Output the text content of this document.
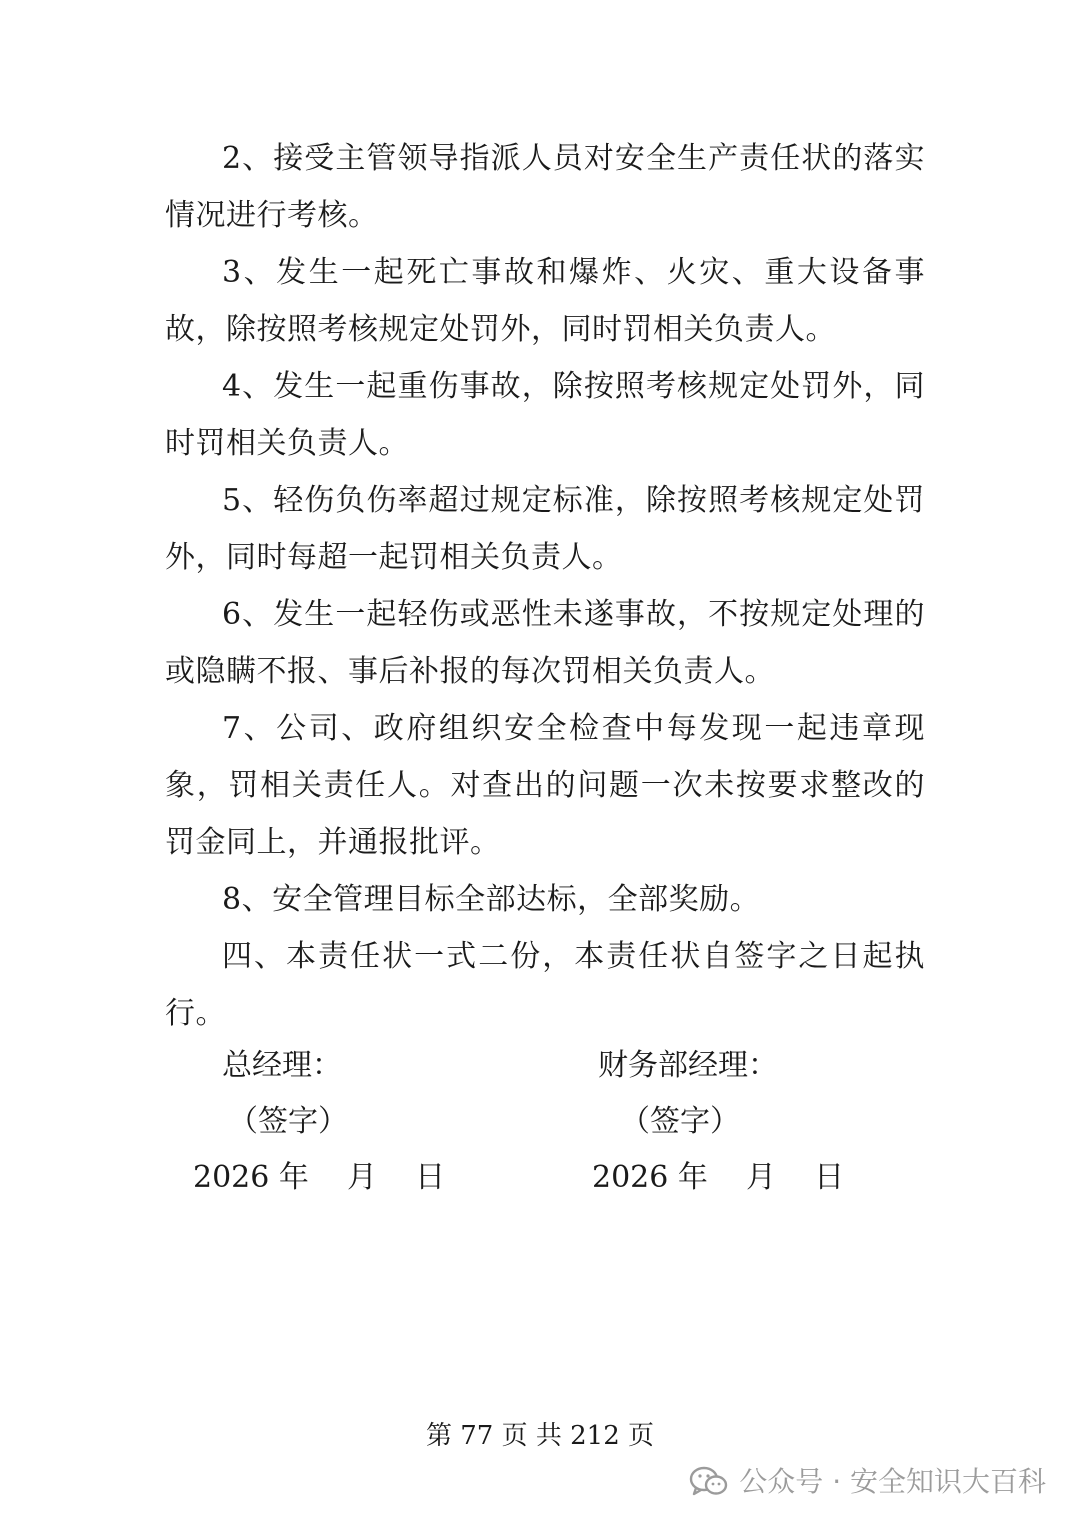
2、接受主管领导指派人员对安全生产责任状的落实情况进行考核。

3、发生一起死亡事故和爆炸、火灾、重大设备事故，除按照考核规定处罚外，同时罚相关负责人。

4、发生一起重伤事故，除按照考核规定处罚外，同时罚相关负责人。

5、轻伤负伤率超过规定标准，除按照考核规定处罚外，同时每超一起罚相关负责人。

6、发生一起轻伤或恶性未遂事故，不按规定处理的或隐瞒不报、事后补报的每次罚相关负责人。

7、公司、政府组织安全检查中每发现一起违章现象，罚相关责任人。对查出的问题一次未按要求整改的罚金同上，并通报批评。

8、安全管理目标全部达标，全部奖励。

四、本责任状一式二份，本责任状自签字之日起执行。

总经理：
（签字）
2026 年    月    日
财务部经理：
（签字）
2026 年    月    日
第 77 页 共 212 页
公众号 · 安全知识大百科
